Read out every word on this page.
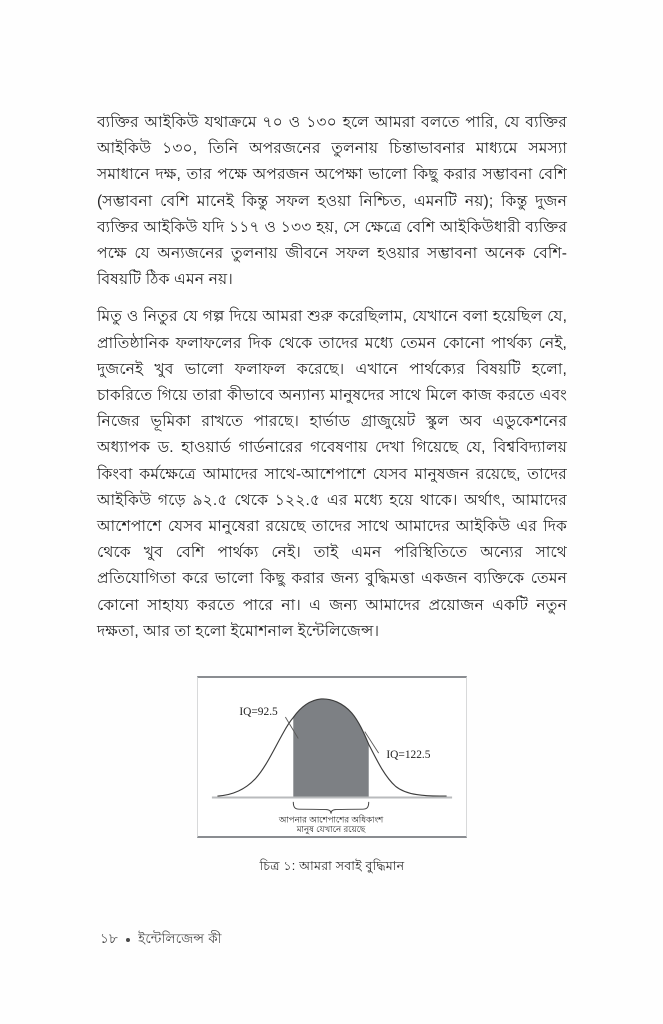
ব্যক্তির আইকিউ যথাক্রমে ৭০ ও ১৩০ হলে আমরা বলতে পারি, যে ব্যক্তির আইকিউ ১৩০, তিনি অপরজনের তুলনায় চিন্তাভাবনার মাধ্যমে সমস্যা সমাধানে দক্ষ, তার পক্ষে অপরজন অপেক্ষা ভালো কিছু করার সম্ভাবনা বেশি (সম্ভাবনা বেশি মানেই কিন্তু সফল হওয়া নিশ্চিত, এমনটি নয়); কিন্তু দুজন ব্যক্তির আইকিউ যদি ১১৭ ও ১৩৩ হয়, সে ক্ষেত্রে বেশি আইকিউধারী ব্যক্তির পক্ষে যে অন্যজনের তুলনায় জীবনে সফল হওয়ার সম্ভাবনা অনেক বেশি-বিষয়টি ঠিক এমন নয়।

মিতু ও নিতুর যে গল্প দিয়ে আমরা শুরু করেছিলাম, যেখানে বলা হয়েছিল যে, প্রাতিষ্ঠানিক ফলাফলের দিক থেকে তাদের মধ্যে তেমন কোনো পার্থক্য নেই, দুজনেই খুব ভালো ফলাফল করেছে। এখানে পার্থক্যের বিষয়টি হলো, চাকরিতে গিয়ে তারা কীভাবে অন্যান্য মানুষদের সাথে মিলে কাজ করতে এবং নিজের ভূমিকা রাখতে পারছে। হার্ভাড গ্রাজুয়েট স্কুল অব এডুকেশনের অধ্যাপক ড. হাওয়ার্ড গার্ডনারের গবেষণায় দেখা গিয়েছে যে, বিশ্ববিদ্যালয় কিংবা কর্মক্ষেত্রে আমাদের সাথে-আশেপাশে যেসব মানুষজন রয়েছে, তাদের আইকিউ গড়ে ৯২.৫ থেকে ১২২.৫ এর মধ্যে হয়ে থাকে। অর্থাৎ, আমাদের আশেপাশে যেসব মানুষেরা রয়েছে তাদের সাথে আমাদের আইকিউ এর দিক থেকে খুব বেশি পার্থক্য নেই। তাই এমন পরিস্থিতিতে অন্যের সাথে প্রতিযোগিতা করে ভালো কিছু করার জন্য বুদ্ধিমত্তা একজন ব্যক্তিকে তেমন কোনো সাহায্য করতে পারে না। এ জন্য আমাদের প্রয়োজন একটি নতুন দক্ষতা, আর তা হলো ইমোশনাল ইন্টেলিজেন্স।

IQ=92.5
IQ=122.5
আপনার আশেপাশের অধিকাংশ
মানুষ যেখানে রয়েছে
চিত্র ১: আমরা সবাই বুদ্ধিমান
১৮ ইন্টেলিজেন্স কী
